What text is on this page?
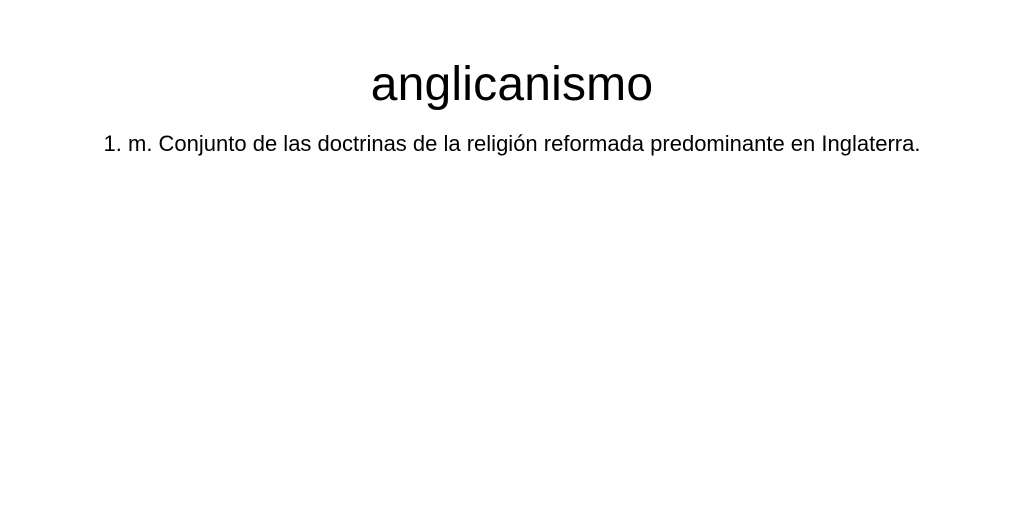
anglicanismo

1. m. Conjunto de las doctrinas de la religión reformada predominante en Inglaterra.
